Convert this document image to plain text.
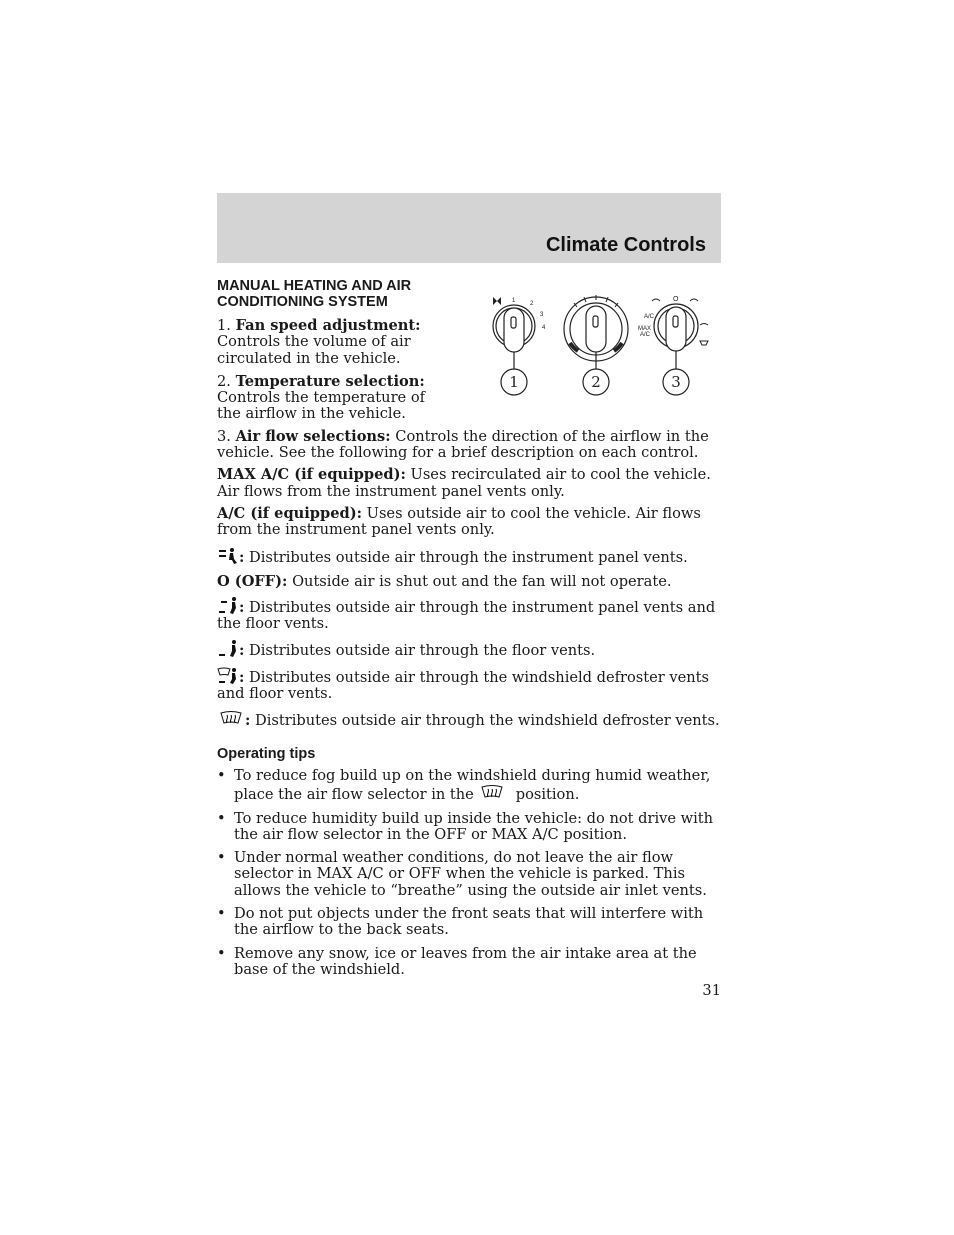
Climate Controls
1 2
3
4
A/C
MAX
A/C
O
1	2	3
MANUAL HEATING AND AIR
CONDITIONING SYSTEM

1. Fan speed adjustment: Controls the volume of air circulated in the vehicle.

2. Temperature selection: Controls the temperature of the airflow in the vehicle.

3. Air flow selections: Controls the direction of the airflow in the vehicle. See the following for a brief description on each control.

MAX A/C (if equipped): Uses recirculated air to cool the vehicle. Air flows from the instrument panel vents only.

A/C (if equipped): Uses outside air to cool the vehicle. Air flows from the instrument panel vents only.

: Distributes outside air through the instrument panel vents.

O (OFF): Outside air is shut out and the fan will not operate.

: Distributes outside air through the instrument panel vents and the floor vents.

: Distributes outside air through the floor vents.

: Distributes outside air through the windshield defroster vents and floor vents.

: Distributes outside air through the windshield defroster vents.

Operating tips
• To reduce fog build up on the windshield during humid weather, place the air flow selector in the	position.
• To reduce humidity build up inside the vehicle: do not drive with the air flow selector in the OFF or MAX A/C position.
• Under normal weather conditions, do not leave the air flow selector in MAX A/C or OFF when the vehicle is parked. This allows the vehicle to “breathe” using the outside air inlet vents.
• Do not put objects under the front seats that will interfere with the airflow to the back seats.
• Remove any snow, ice or leaves from the air intake area at the base of the windshield.
31
